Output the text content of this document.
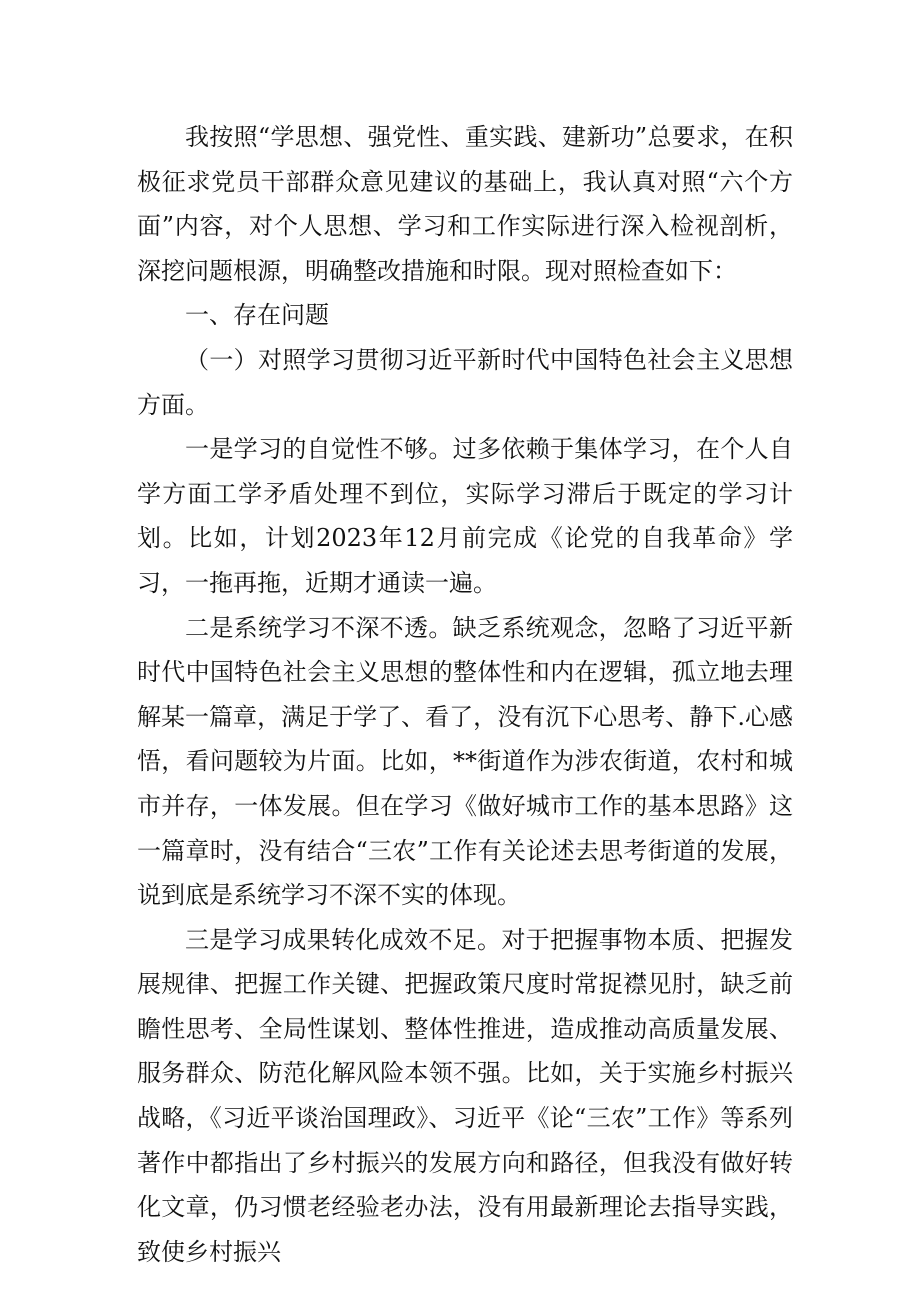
我按照“学思想、强党性、重实践、建新功”总要求，在积极征求党员干部群众意见建议的基础上，我认真对照“六个方面”内容，对个人思想、学习和工作实际进行深入检视剖析，深挖问题根源，明确整改措施和时限。现对照检查如下：

一、存在问题

（一）对照学习贯彻习近平新时代中国特色社会主义思想方面。

一是学习的自觉性不够。过多依赖于集体学习，在个人自学方面工学矛盾处理不到位，实际学习滞后于既定的学习计划。比如，计划2023年12月前完成《论党的自我革命》学习，一拖再拖，近期才通读一遍。

二是系统学习不深不透。缺乏系统观念，忽略了习近平新时代中国特色社会主义思想的整体性和内在逻辑，孤立地去理解某一篇章，满足于学了、看了，没有沉下心思考、静下.心感悟，看问题较为片面。比如，**街道作为涉农街道，农村和城市并存，一体发展。但在学习《做好城市工作的基本思路》这一篇章时，没有结合“三农”工作有关论述去思考街道的发展，说到底是系统学习不深不实的体现。

三是学习成果转化成效不足。对于把握事物本质、把握发展规律、把握工作关键、把握政策尺度时常捉襟见肘，缺乏前瞻性思考、全局性谋划、整体性推进，造成推动高质量发展、服务群众、防范化解风险本领不强。比如，关于实施乡村振兴战略，《习近平谈治国理政》、习近平《论“三农”工作》等系列著作中都指出了乡村振兴的发展方向和路径，但我没有做好转化文章，仍习惯老经验老办法，没有用最新理论去指导实践，致使乡村振兴
